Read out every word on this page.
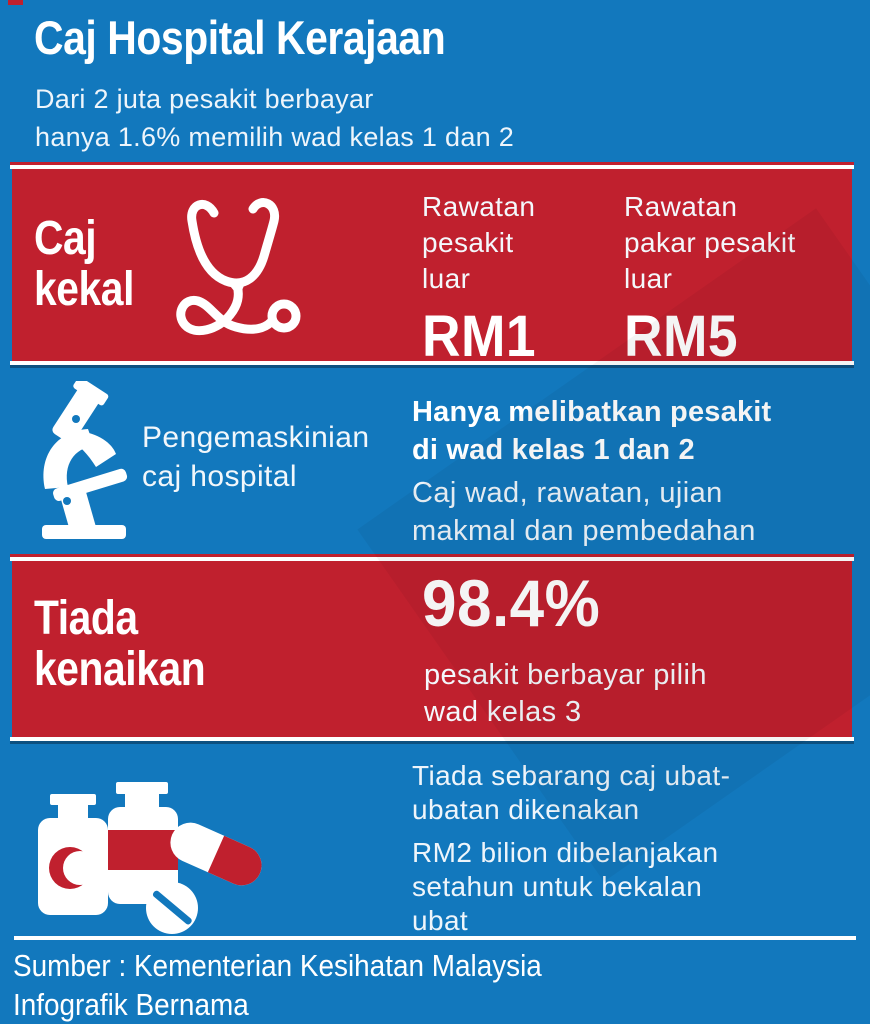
Caj Hospital Kerajaan
Dari 2 juta pesakit berbayar
hanya 1.6% memilih wad kelas 1 dan 2
Caj
kekal
Rawatan
pesakit
luar
RM1
Rawatan
pakar pesakit
luar
RM5
Pengemaskinian
caj hospital
Hanya melibatkan pesakit
di wad kelas 1 dan 2
Caj wad, rawatan, ujian
makmal dan pembedahan
Tiada
kenaikan
98.4%
pesakit berbayar pilih
wad kelas 3
Tiada sebarang caj ubat-
ubatan dikenakan
RM2 bilion dibelanjakan
setahun untuk bekalan
ubat
Sumber : Kementerian Kesihatan Malaysia
Infografik Bernama
